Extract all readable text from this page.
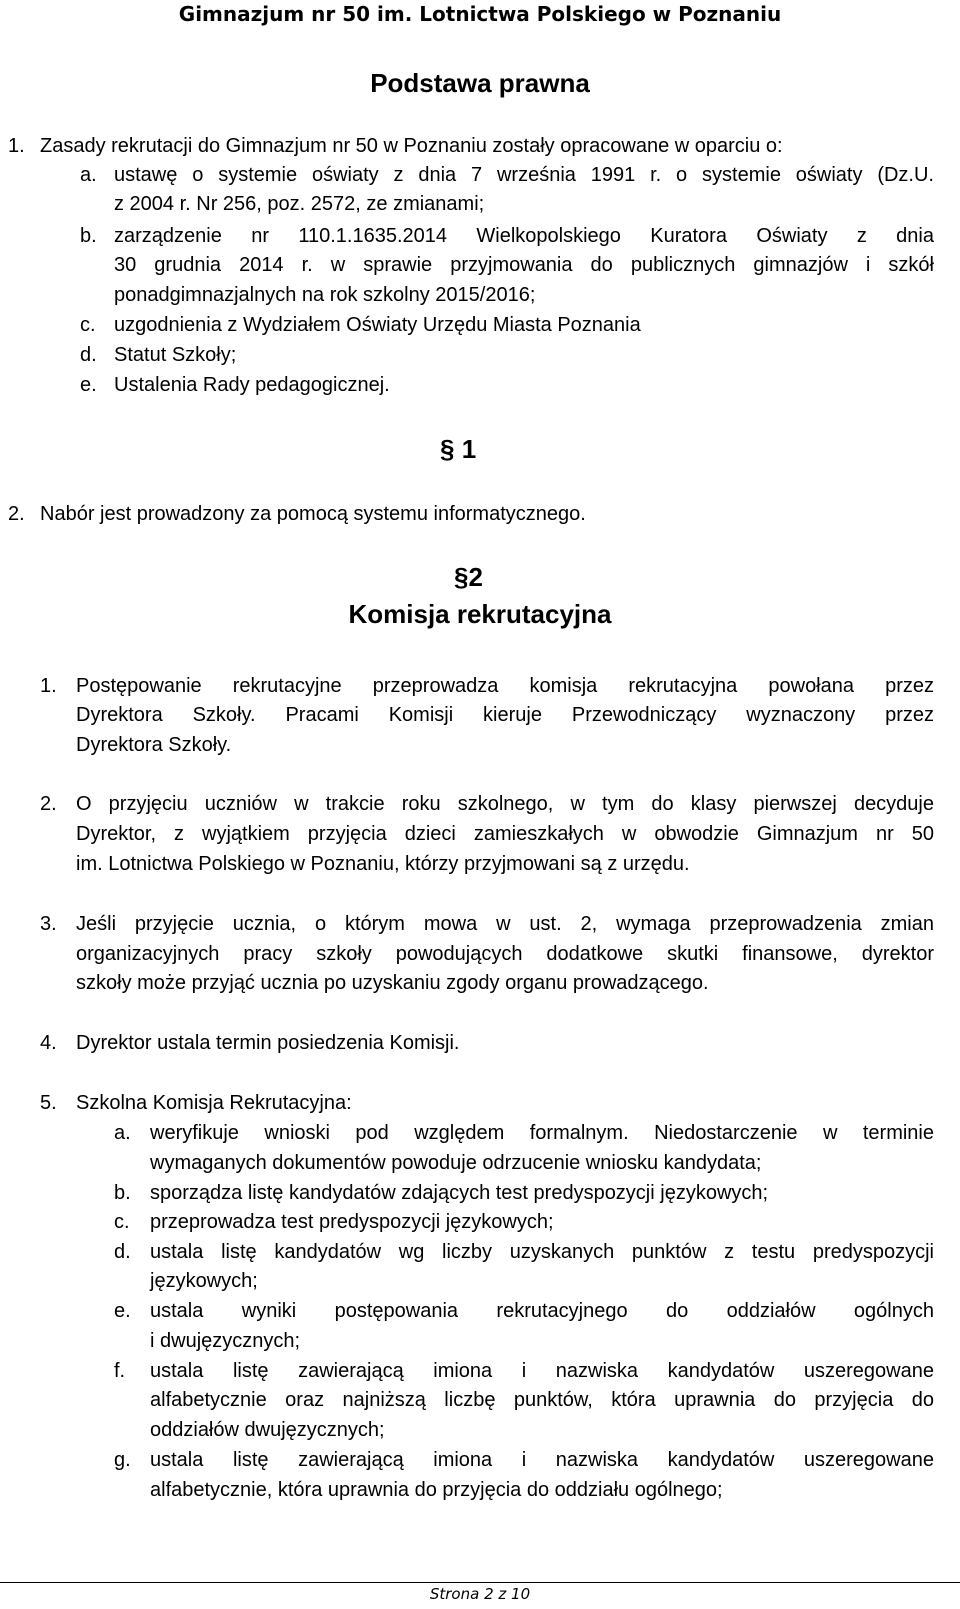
Gimnazjum nr 50 im. Lotnictwa Polskiego w Poznaniu
Podstawa prawna
1. Zasady rekrutacji do Gimnazjum nr 50 w Poznaniu zostały opracowane w oparciu o:
a. ustawę o systemie oświaty z dnia 7 września 1991 r. o systemie oświaty (Dz.U.
z 2004 r. Nr 256, poz. 2572, ze zmianami;
b. zarządzenie nr 110.1.1635.2014 Wielkopolskiego Kuratora Oświaty z dnia
30 grudnia 2014 r. w sprawie przyjmowania do publicznych gimnazjów i szkół
ponadgimnazjalnych na rok szkolny 2015/2016;
c. uzgodnienia z Wydziałem Oświaty Urzędu Miasta Poznania
d. Statut Szkoły;
e. Ustalenia Rady pedagogicznej.
§ 1
2. Nabór jest prowadzony za pomocą systemu informatycznego.
§2
Komisja rekrutacyjna
1. Postępowanie rekrutacyjne przeprowadza komisja rekrutacyjna powołana przez
Dyrektora Szkoły. Pracami Komisji kieruje Przewodniczący wyznaczony przez
Dyrektora Szkoły.
2. O przyjęciu uczniów w trakcie roku szkolnego, w tym do klasy pierwszej decyduje
Dyrektor, z wyjątkiem przyjęcia dzieci zamieszkałych w obwodzie Gimnazjum nr 50
im. Lotnictwa Polskiego w Poznaniu, którzy przyjmowani są z urzędu.
3. Jeśli przyjęcie ucznia, o którym mowa w ust. 2, wymaga przeprowadzenia zmian
organizacyjnych pracy szkoły powodujących dodatkowe skutki finansowe, dyrektor
szkoły może przyjąć ucznia po uzyskaniu zgody organu prowadzącego.
4. Dyrektor ustala termin posiedzenia Komisji.
5. Szkolna Komisja Rekrutacyjna:
a. weryfikuje wnioski pod względem formalnym. Niedostarczenie w terminie
wymaganych dokumentów powoduje odrzucenie wniosku kandydata;
b. sporządza listę kandydatów zdających test predyspozycji językowych;
c. przeprowadza test predyspozycji językowych;
d. ustala listę kandydatów wg liczby uzyskanych punktów z testu predyspozycji
językowych;
e. ustala wyniki postępowania rekrutacyjnego do oddziałów ogólnych
i dwujęzycznych;
f. ustala listę zawierającą imiona i nazwiska kandydatów uszeregowane
alfabetycznie oraz najniższą liczbę punktów, która uprawnia do przyjęcia do
oddziałów dwujęzycznych;
g. ustala listę zawierającą imiona i nazwiska kandydatów uszeregowane
alfabetycznie, która uprawnia do przyjęcia do oddziału ogólnego;
Strona 2 z 10
